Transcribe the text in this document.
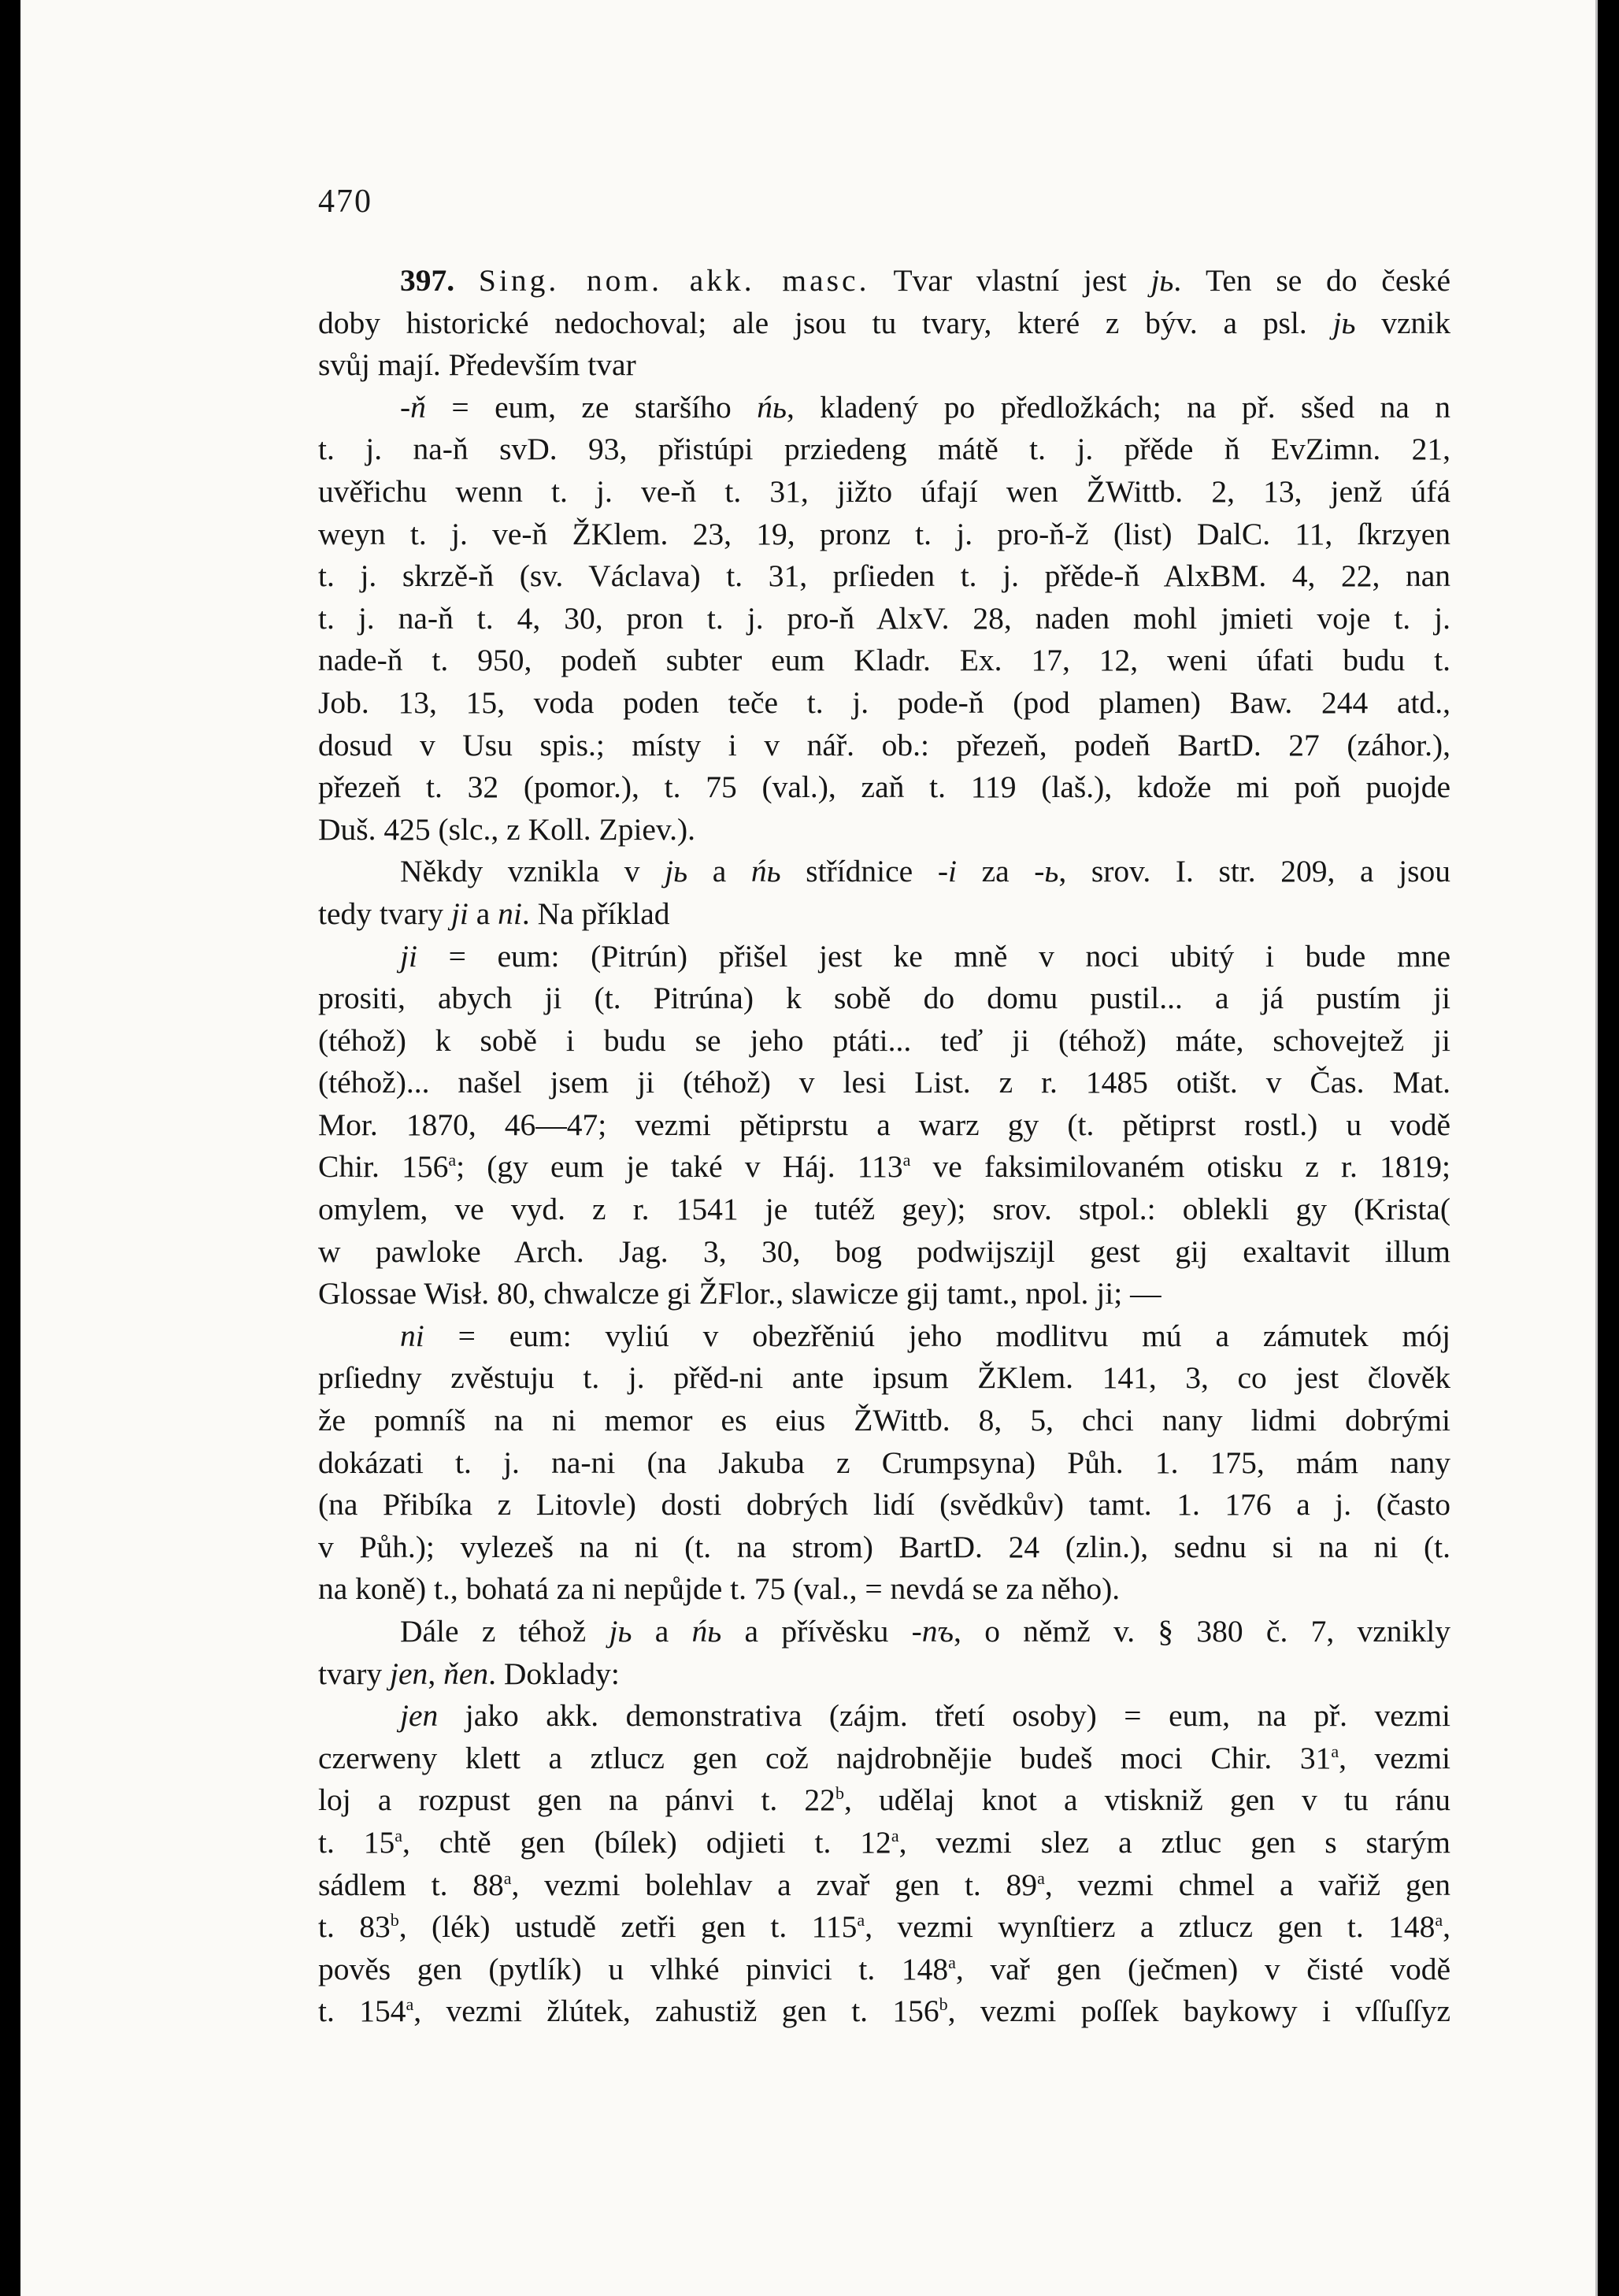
470

397. Sing. nom. akk. masc. Tvar vlastní jest jь. Ten se do české

doby historické nedochoval; ale jsou tu tvary, které z býv. a psl. jь vznik

svůj mají. Především tvar

-ň = eum, ze staršího ńь, kladený po předložkách; na př. sšed na n

t. j. na-ň svD. 93, přistúpi prziedeng mátě t. j. přěde ň EvZimn. 21,

uvěřichu wenn t. j. ve-ň t. 31, jižto úfají wen ŽWittb. 2, 13, jenž úfá

weyn t. j. ve-ň ŽKlem. 23, 19, pronz t. j. pro-ň-ž (list) DalC. 11, ſkrzyen

t. j. skrzě-ň (sv. Václava) t. 31, prſieden t. j. přěde-ň AlxBM. 4, 22, nan

t. j. na-ň t. 4, 30, pron t. j. pro-ň AlxV. 28, naden mohl jmieti voje t. j.

nade-ň t. 950, podeň subter eum Kladr. Ex. 17, 12, weni úfati budu t.

Job. 13, 15, voda poden teče t. j. pode-ň (pod plamen) Baw. 244 atd.,

dosud v Usu spis.; místy i v nář. ob.: přezeň, podeň BartD. 27 (záhor.),

přezeň t. 32 (pomor.), t. 75 (val.), zaň t. 119 (laš.), kdože mi poň puojde

Duš. 425 (slc., z Koll. Zpiev.).

Někdy vznikla v jь a ńь střídnice -i za -ь, srov. I. str. 209, a jsou

tedy tvary ji a ni. Na příklad

ji = eum: (Pitrún) přišel jest ke mně v noci ubitý i bude mne

prositi, abych ji (t. Pitrúna) k sobě do domu pustil... a já pustím ji

(téhož) k sobě i budu se jeho ptáti... teď ji (téhož) máte, schovejtež ji

(téhož)... našel jsem ji (téhož) v lesi List. z r. 1485 otišt. v Čas. Mat.

Mor. 1870, 46—47; vezmi pětiprstu a warz gy (t. pětiprst rostl.) u vodě

Chir. 156$^a$; (gy eum je také v Háj. 113$^a$ ve faksimilovaném otisku z r. 1819;

omylem, ve vyd. z r. 1541 je tutéž gey); srov. stpol.: oblekli gy (Krista(

w pawloke Arch. Jag. 3, 30, bog podwijszijl gest gij exaltavit illum

Glossae Wisł. 80, chwalcze gi ŽFlor., slawicze gij tamt., npol. ji; —

ni = eum: vyliú v obezřěniú jeho modlitvu mú a zámutek mój

prſiedny zvěstuju t. j. přěd-ni ante ipsum ŽKlem. 141, 3, co jest člověk

že pomníš na ni memor es eius ŽWittb. 8, 5, chci nany lidmi dobrými

dokázati t. j. na-ni (na Jakuba z Crumpsyna) Půh. 1. 175, mám nany

(na Přibíka z Litovle) dosti dobrých lidí (svědkův) tamt. 1. 176 a j. (často

v Půh.); vylezeš na ni (t. na strom) BartD. 24 (zlin.), sednu si na ni (t.

na koně) t., bohatá za ni nepůjde t. 75 (val., = nevdá se za něho).

Dále z téhož jь a ńь a přívěsku -nъ, o němž v. § 380 č. 7, vznikly

tvary jen, ňen. Doklady:

jen jako akk. demonstrativa (zájm. třetí osoby) = eum, na př. vezmi

czerweny klett a ztlucz gen což najdrobnějie budeš moci Chir. 31$^a$, vezmi

loj a rozpust gen na pánvi t. 22$^b$, udělaj knot a vtiskniž gen v tu ránu

t. 15$^a$, chtě gen (bílek) odjieti t. 12$^a$, vezmi slez a ztluc gen s starým

sádlem t. 88$^a$, vezmi bolehlav a zvař gen t. 89$^a$, vezmi chmel a vařiž gen

t. 83$^b$, (lék) ustudě zetři gen t. 115$^a$, vezmi wynſtierz a ztlucz gen t. 148$^a$,

pověs gen (pytlík) u vlhké pinvici t. 148$^a$, vař gen (ječmen) v čisté vodě

t. 154$^a$, vezmi žlútek, zahustiž gen t. 156$^b$, vezmi poſſek baykowy i vſſuſſyz
